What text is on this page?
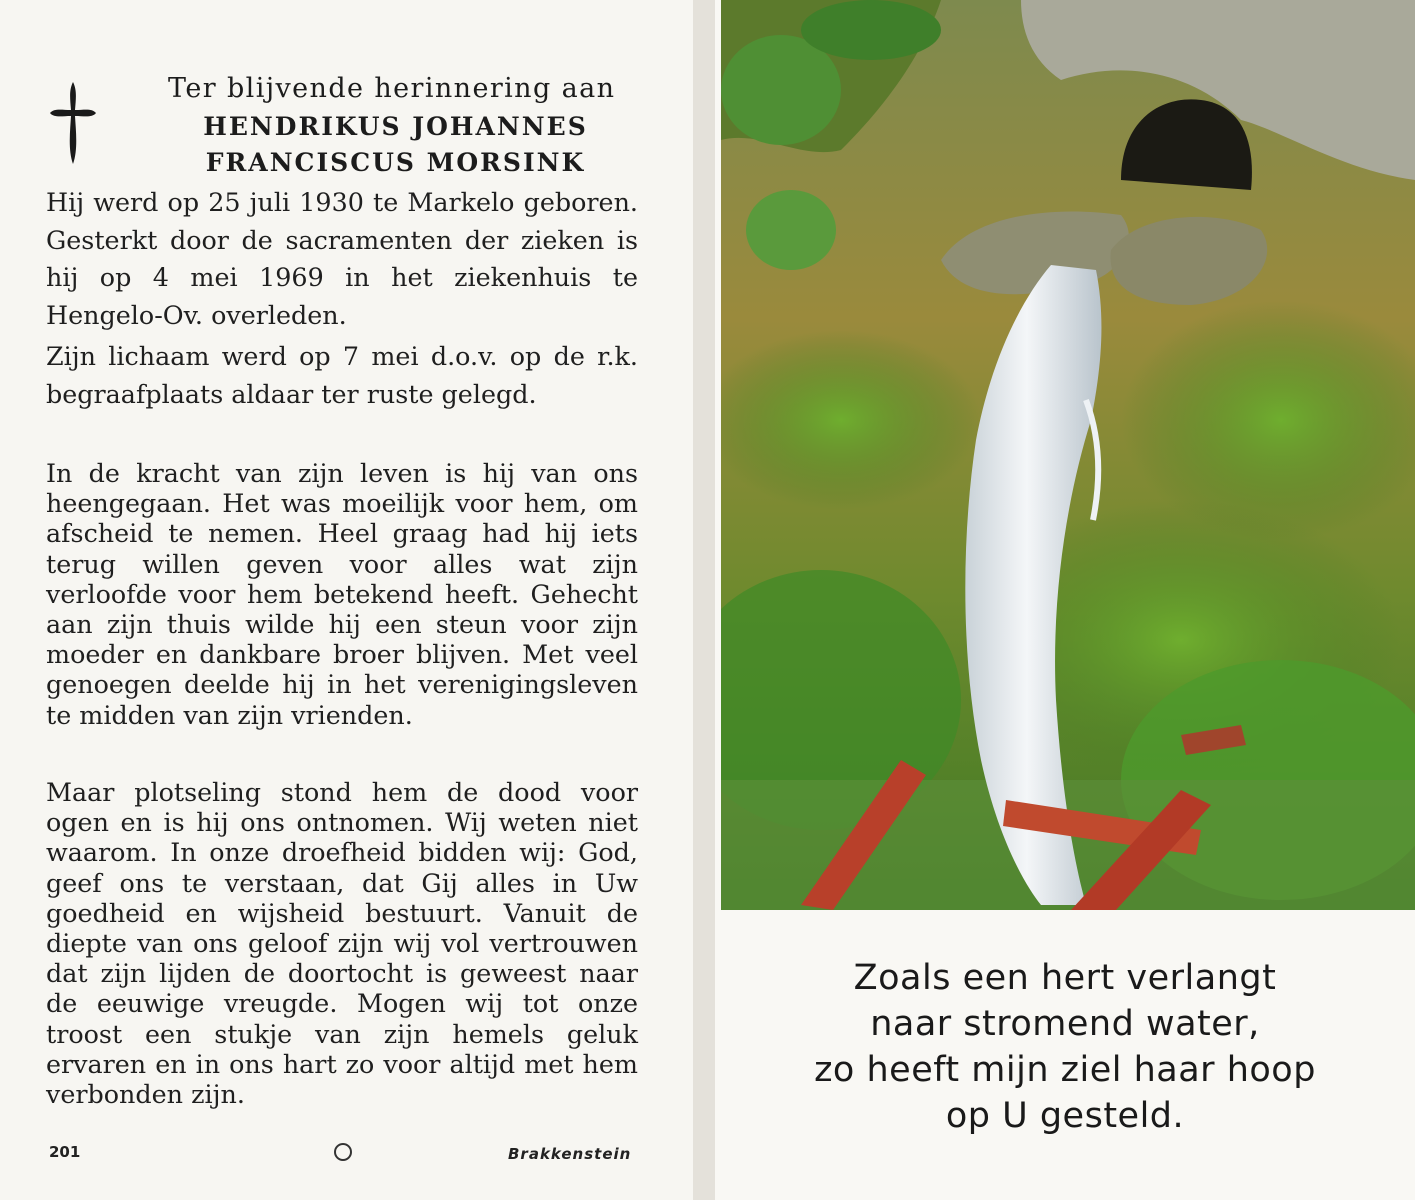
Ter blijvende herinnering aan
HENDRIKUS JOHANNES
FRANCISCUS MORSINK

Hij werd op 25 juli 1930 te Markelo geboren. Gesterkt door de sacramenten der zieken is hij op 4 mei 1969 in het ziekenhuis te Hengelo-Ov. overleden.

Zijn lichaam werd op 7 mei d.o.v. op de r.k. begraafplaats aldaar ter ruste gelegd.

In de kracht van zijn leven is hij van ons heengegaan. Het was moeilijk voor hem, om afscheid te nemen. Heel graag had hij iets terug willen geven voor alles wat zijn verloofde voor hem betekend heeft. Gehecht aan zijn thuis wilde hij een steun voor zijn moeder en dankbare broer blijven. Met veel genoegen deelde hij in het verenigingsleven te midden van zijn vrienden.

Maar plotseling stond hem de dood voor ogen en is hij ons ontnomen. Wij weten niet waarom. In onze droefheid bidden wij: God, geef ons te verstaan, dat Gij alles in Uw goedheid en wijsheid bestuurt. Vanuit de diepte van ons geloof zijn wij vol vertrouwen dat zijn lijden de doortocht is geweest naar de eeuwige vreugde. Mogen wij tot onze troost een stukje van zijn hemels geluk ervaren en in ons hart zo voor altijd met hem verbonden zijn.

201	Brakkenstein
Zoals een hert verlangt
naar stromend water,
zo heeft mijn ziel haar hoop
op U gesteld.
